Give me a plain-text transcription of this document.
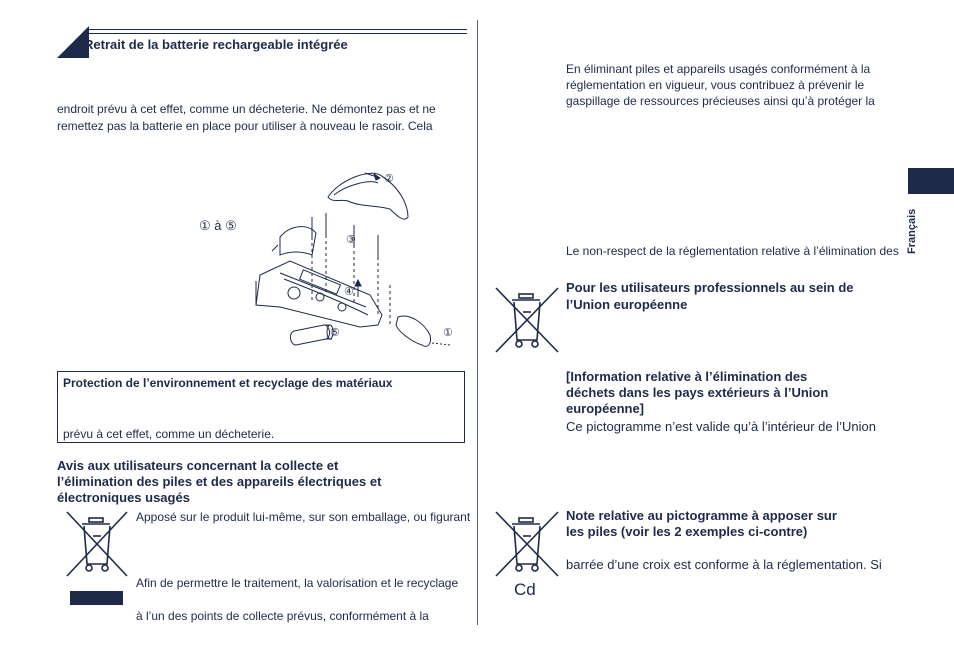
Retrait de la batterie rechargeable intégrée
endroit prévu à cet effet, comme un décheterie. Ne démontez pas et ne
remettez pas la batterie en place pour utiliser à nouveau le rasoir. Cela
① à ⑤
②
③
④
⑤	①
Protection de l’environnement et recyclage des matériaux
prévu à cet effet, comme un décheterie.
Avis aux utilisateurs concernant la collecte et
l’élimination des piles et des appareils électriques et
électroniques usagés
Apposé sur le produit lui-même, sur son emballage, ou figurant
Afin de permettre le traitement, la valorisation et le recyclage
à l’un des points de collecte prévus, conformément à la
En éliminant piles et appareils usagés conformément à la
réglementation en vigueur, vous contribuez à prévenir le
gaspillage de ressources précieuses ainsi qu’à protéger la
Le non-respect de la réglementation relative à l’élimination des
Pour les utilisateurs professionnels au sein de
l’Union européenne
[Information relative à l’élimination des
déchets dans les pays extérieurs à l’Union
européenne]
Ce pictogramme n’est valide qu’à l’intérieur de l’Union
Cd
Note relative au pictogramme à apposer sur
les piles (voir les 2 exemples ci-contre)
barrée d’une croix est conforme à la réglementation. Si
Français
